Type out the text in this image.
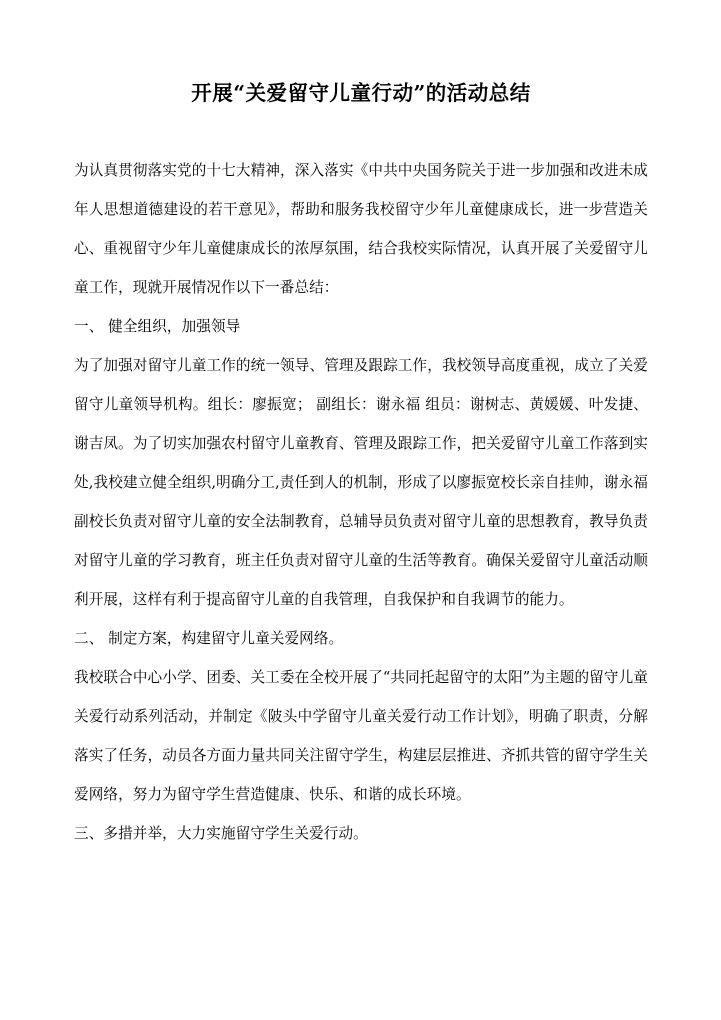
开展“关爱留守儿童行动”的活动总结

为认真贯彻落实党的十七大精神，深入落实《中共中央国务院关于进一步加强和改进未成年人思想道德建设的若干意见》，帮助和服务我校留守少年儿童健康成长，进一步营造关心、重视留守少年儿童健康成长的浓厚氛围，结合我校实际情况，认真开展了关爱留守儿童工作，现就开展情况作以下一番总结：

一、 健全组织，加强领导

为了加强对留守儿童工作的统一领导、管理及跟踪工作，我校领导高度重视，成立了关爱留守儿童领导机构。组长：廖振宽； 副组长：谢永福 组员：谢树志、黄媛媛、叶发捷、谢吉凤。为了切实加强农村留守儿童教育、管理及跟踪工作，把关爱留守儿童工作落到实处,我校建立健全组织,明确分工,责任到人的机制，形成了以廖振宽校长亲自挂帅，谢永福副校长负责对留守儿童的安全法制教育，总辅导员负责对留守儿童的思想教育，教导负责对留守儿童的学习教育，班主任负责对留守儿童的生活等教育。确保关爱留守儿童活动顺利开展，这样有利于提高留守儿童的自我管理，自我保护和自我调节的能力。

二、 制定方案，构建留守儿童关爱网络。

我校联合中心小学、团委、关工委在全校开展了“共同托起留守的太阳”为主题的留守儿童关爱行动系列活动，并制定《陂头中学留守儿童关爱行动工作计划》，明确了职责，分解落实了任务，动员各方面力量共同关注留守学生，构建层层推进、齐抓共管的留守学生关爱网络，努力为留守学生营造健康、快乐、和谐的成长环境。

三、多措并举，大力实施留守学生关爱行动。
